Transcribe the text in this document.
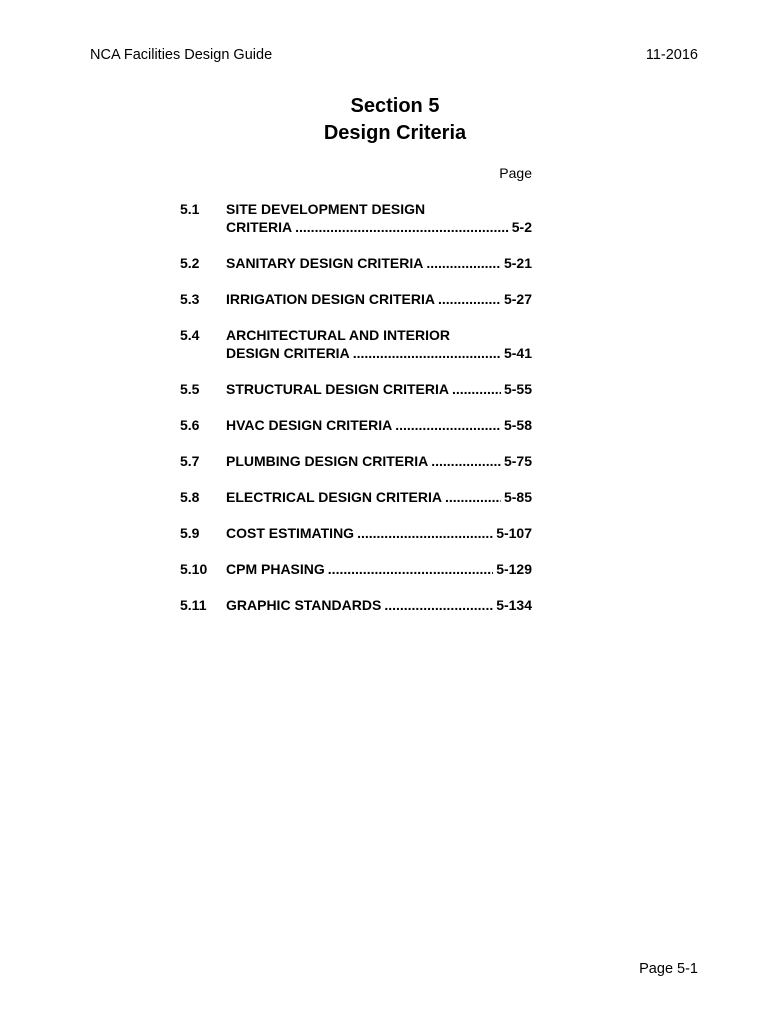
NCA Facilities Design Guide	11-2016
Section 5
Design Criteria
Page
5.1	SITE DEVELOPMENT DESIGN
CRITERIA .....	5-2
5.2	SANITARY DESIGN CRITERIA .....	5-21
5.3	IRRIGATION DESIGN CRITERIA .....	5-27
5.4	ARCHITECTURAL AND INTERIOR
DESIGN CRITERIA .....	5-41
5.5	STRUCTURAL DESIGN CRITERIA .....	5-55
5.6	HVAC DESIGN CRITERIA .....	5-58
5.7	PLUMBING DESIGN CRITERIA .....	5-75
5.8	ELECTRICAL DESIGN CRITERIA .....	5-85
5.9	COST ESTIMATING .....	5-107
5.10	CPM PHASING .....	5-129
5.11	GRAPHIC STANDARDS .....	5-134
Page 5-1
